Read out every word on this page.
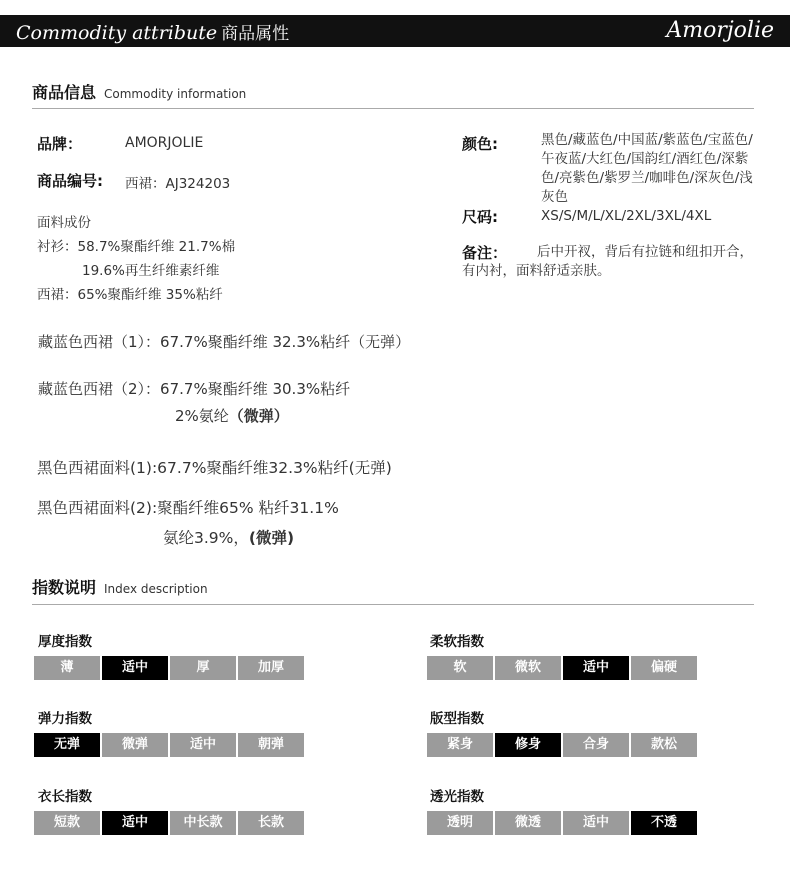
Commodity attribute 商品属性	Amorjolie
商品信息 Commodity information
品牌：	AMORJOLIE
商品编号: 西裙：AJ324203
面料成份
衬衫：58.7%聚酯纤维 21.7%棉
19.6%再生纤维素纤维
西裙：65%聚酯纤维 35%粘纤
藏蓝色西裙（1）：67.7%聚酯纤维 32.3%粘纤（无弹）
藏蓝色西裙（2）：67.7%聚酯纤维 30.3%粘纤
2%氨纶（微弹）
黑色西裙面料(1):67.7%聚酯纤维32.3%粘纤(无弹)
黑色西裙面料(2):聚酯纤维65% 粘纤31.1%
氨纶3.9%，(微弹)
颜色:	黑色/藏蓝色/中国蓝/紫蓝色/宝蓝色/午夜蓝/大红色/国韵红/酒红色/深紫色/亮紫色/紫罗兰/咖啡色/深灰色/浅灰色
尺码:	XS/S/M/L/XL/2XL/3XL/4XL
备注：	后中开衩，背后有拉链和纽扣开合，有内衬，面料舒适亲肤。
指数说明 Index description
厚度指数
薄	适中	厚	加厚
柔软指数
软	微软	适中	偏硬
弹力指数
无弹	微弹	适中	朝弹
版型指数
紧身	修身	合身	款松
衣长指数
短款	适中	中长款	长款
透光指数
透明	微透	适中	不透
